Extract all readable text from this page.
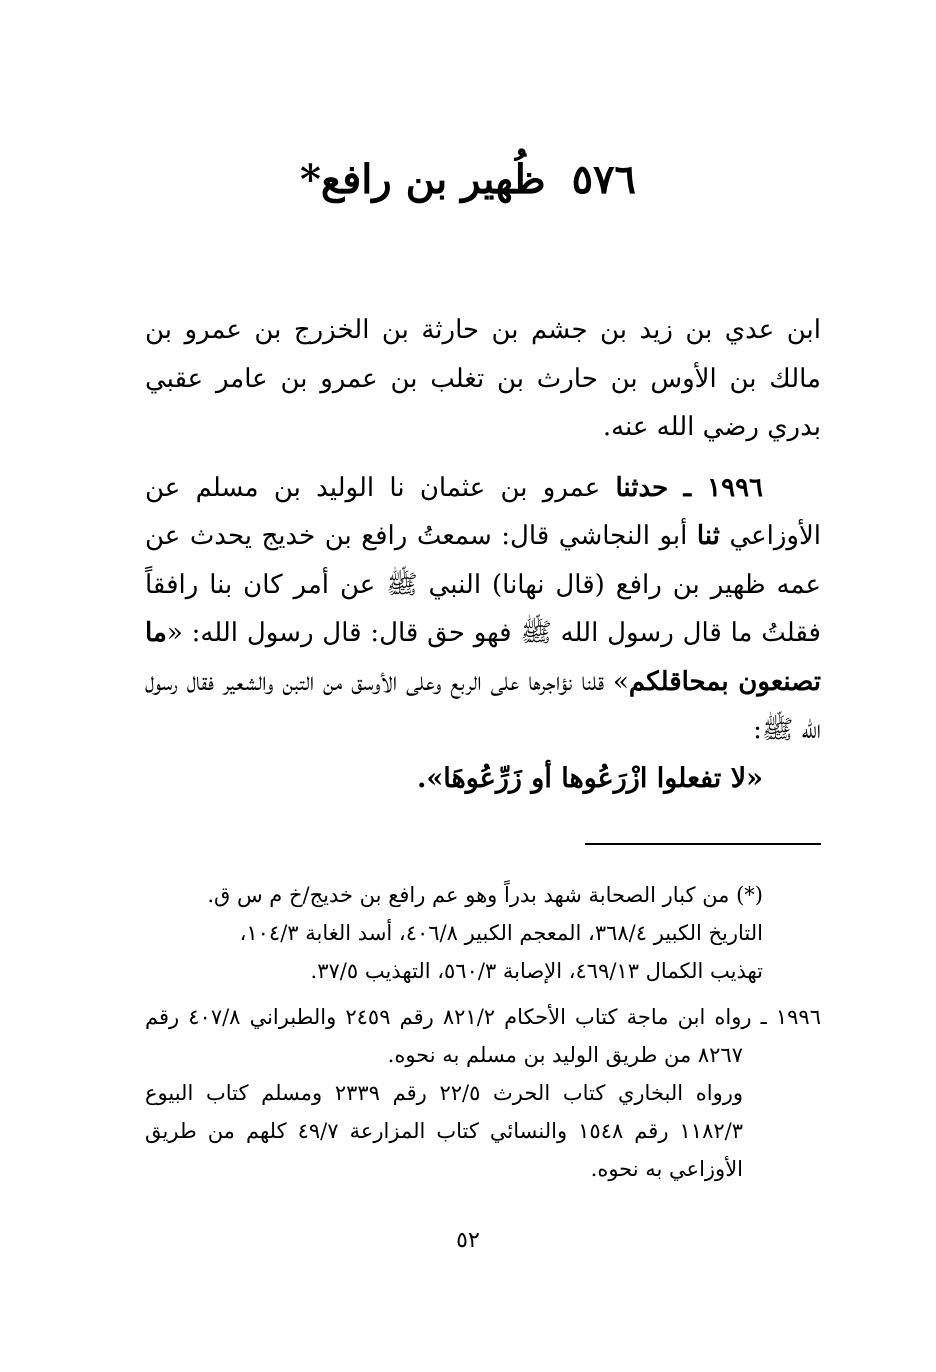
٥٧٦ظُهير بن رافع*

ابن عدي بن زيد بن جشم بن حارثة بن الخزرج بن عمرو بن مالك بن الأوس بن حارث بن تغلب بن عمرو بن عامر عقبي بدري رضي الله عنه.

١٩٩٦ ـ حدثنا عمرو بن عثمان نا الوليد بن مسلم عن الأوزاعي ثنا أبو النجاشي قال: سمعتُ رافع بن خديج يحدث عن عمه ظهير بن رافع (قال نهانا) النبي ﷺ عن أمر كان بنا رافقاً فقلتُ ما قال رسول الله ﷺ فهو حق قال: قال رسول الله: «ما تصنعون بمحاقلكم» قلنا نؤاجرها على الربع وعلى الأوسق من التبن والشعير فقال رسول الله ﷺ:

«لا تفعلوا ازْرَعُوها أو زَرِّعُوهَا».

(*) من كبار الصحابة شهد بدراً وهو عم رافع بن خديج/خ م س ق.

التاريخ الكبير ٣٦٨/٤، المعجم الكبير ٤٠٦/٨، أسد الغابة ١٠٤/٣،

تهذيب الكمال ٤٦٩/١٣، الإصابة ٥٦٠/٣، التهذيب ٣٧/٥.

١٩٩٦ ـ رواه ابن ماجة كتاب الأحكام ٨٢١/٢ رقم ٢٤٥٩ والطبراني ٤٠٧/٨ رقم ٨٢٦٧ من طريق الوليد بن مسلم به نحوه.

ورواه البخاري كتاب الحرث ٢٢/٥ رقم ٢٣٣٩ ومسلم كتاب البيوع ١١٨٢/٣ رقم ١٥٤٨ والنسائي كتاب المزارعة ٤٩/٧ كلهم من طريق الأوزاعي به نحوه.

٥٢
